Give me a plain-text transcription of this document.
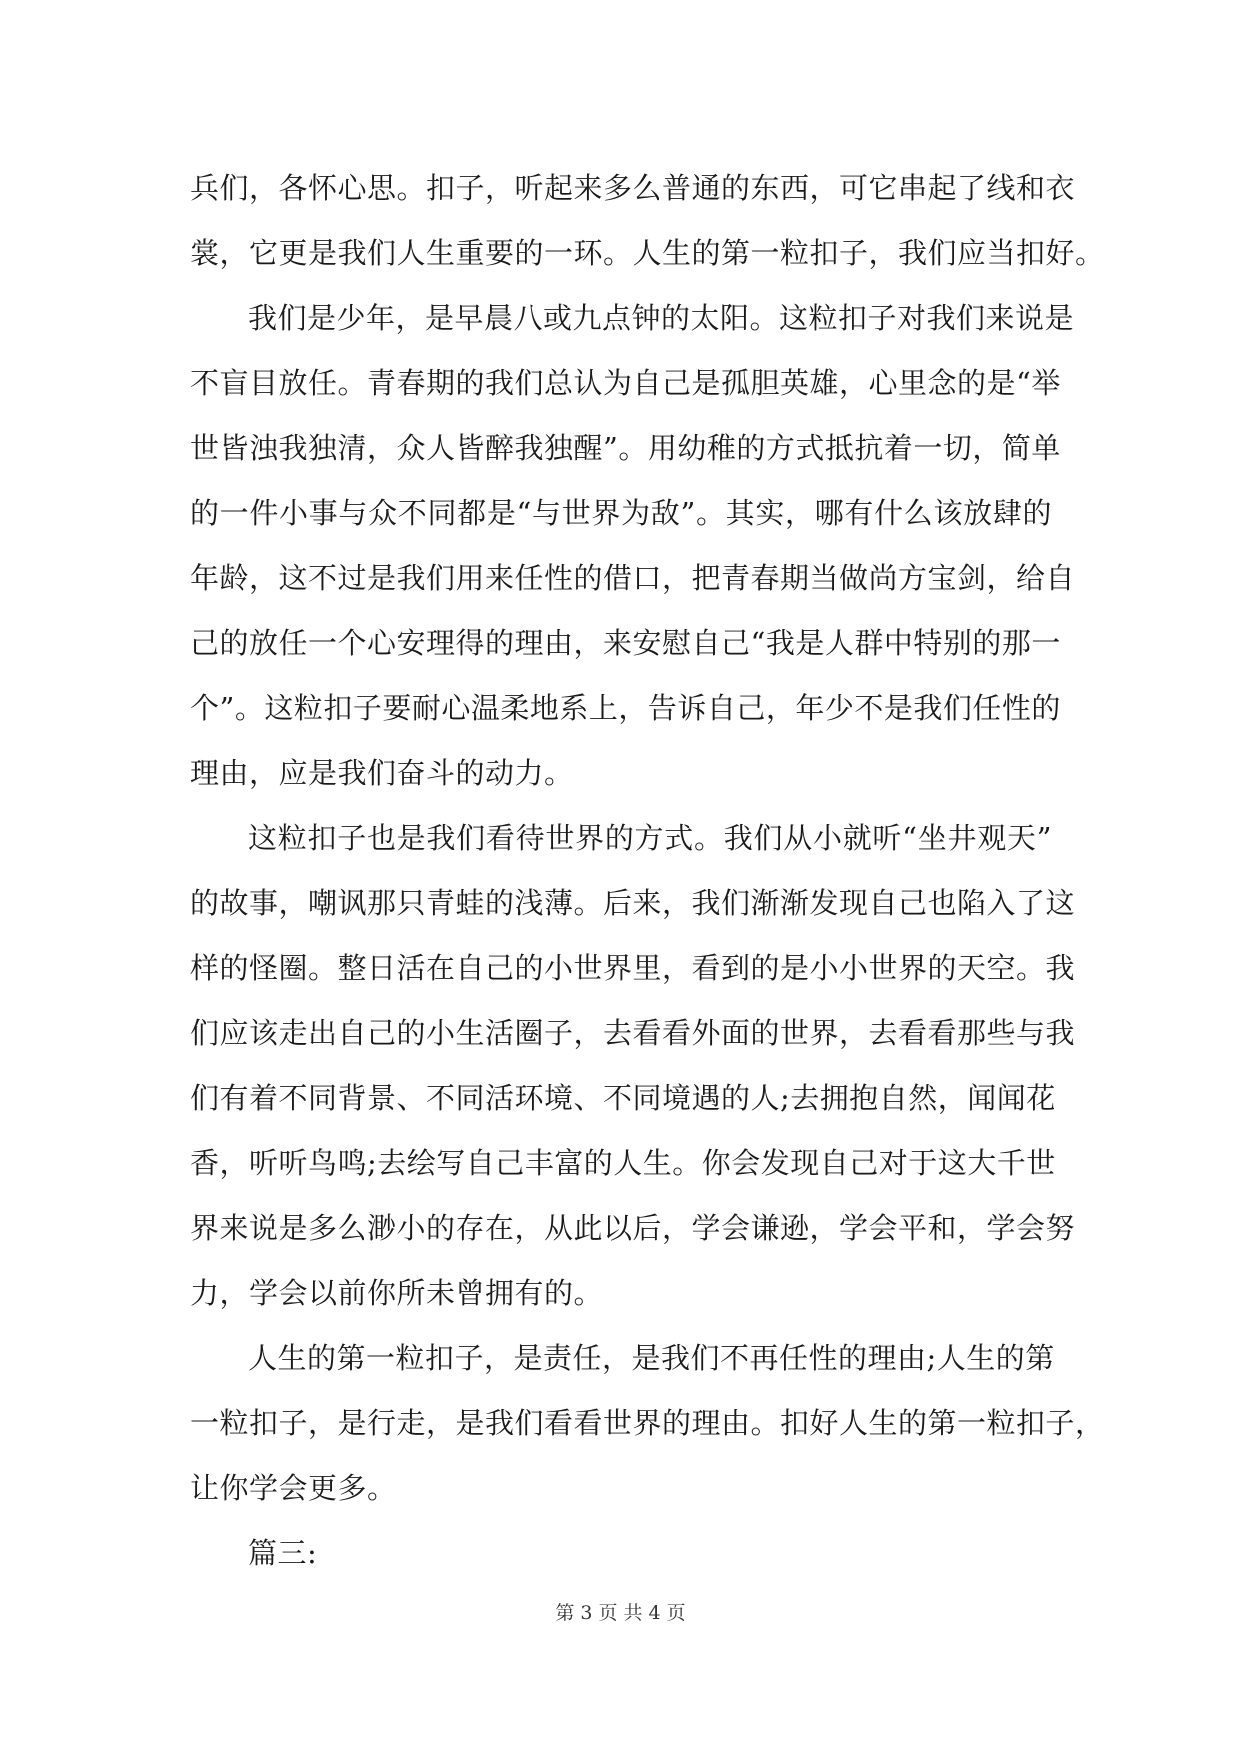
兵们，各怀心思。扣子，听起来多么普通的东西，可它串起了线和衣
裳，它更是我们人生重要的一环。人生的第一粒扣子，我们应当扣好。
我们是少年，是早晨八或九点钟的太阳。这粒扣子对我们来说是
不盲目放任。青春期的我们总认为自己是孤胆英雄，心里念的是“举
世皆浊我独清，众人皆醉我独醒”。用幼稚的方式抵抗着一切，简单
的一件小事与众不同都是“与世界为敌”。其实，哪有什么该放肆的
年龄，这不过是我们用来任性的借口，把青春期当做尚方宝剑，给自
己的放任一个心安理得的理由，来安慰自己“我是人群中特别的那一
个”。这粒扣子要耐心温柔地系上，告诉自己，年少不是我们任性的
理由，应是我们奋斗的动力。
这粒扣子也是我们看待世界的方式。我们从小就听“坐井观天”
的故事，嘲讽那只青蛙的浅薄。后来，我们渐渐发现自己也陷入了这
样的怪圈。整日活在自己的小世界里，看到的是小小世界的天空。我
们应该走出自己的小生活圈子，去看看外面的世界，去看看那些与我
们有着不同背景、不同活环境、不同境遇的人;去拥抱自然，闻闻花
香，听听鸟鸣;去绘写自己丰富的人生。你会发现自己对于这大千世
界来说是多么渺小的存在，从此以后，学会谦逊，学会平和，学会努
力，学会以前你所未曾拥有的。
人生的第一粒扣子，是责任，是我们不再任性的理由;人生的第
一粒扣子，是行走，是我们看看世界的理由。扣好人生的第一粒扣子，
让你学会更多。
篇三:
第 3 页 共 4 页
